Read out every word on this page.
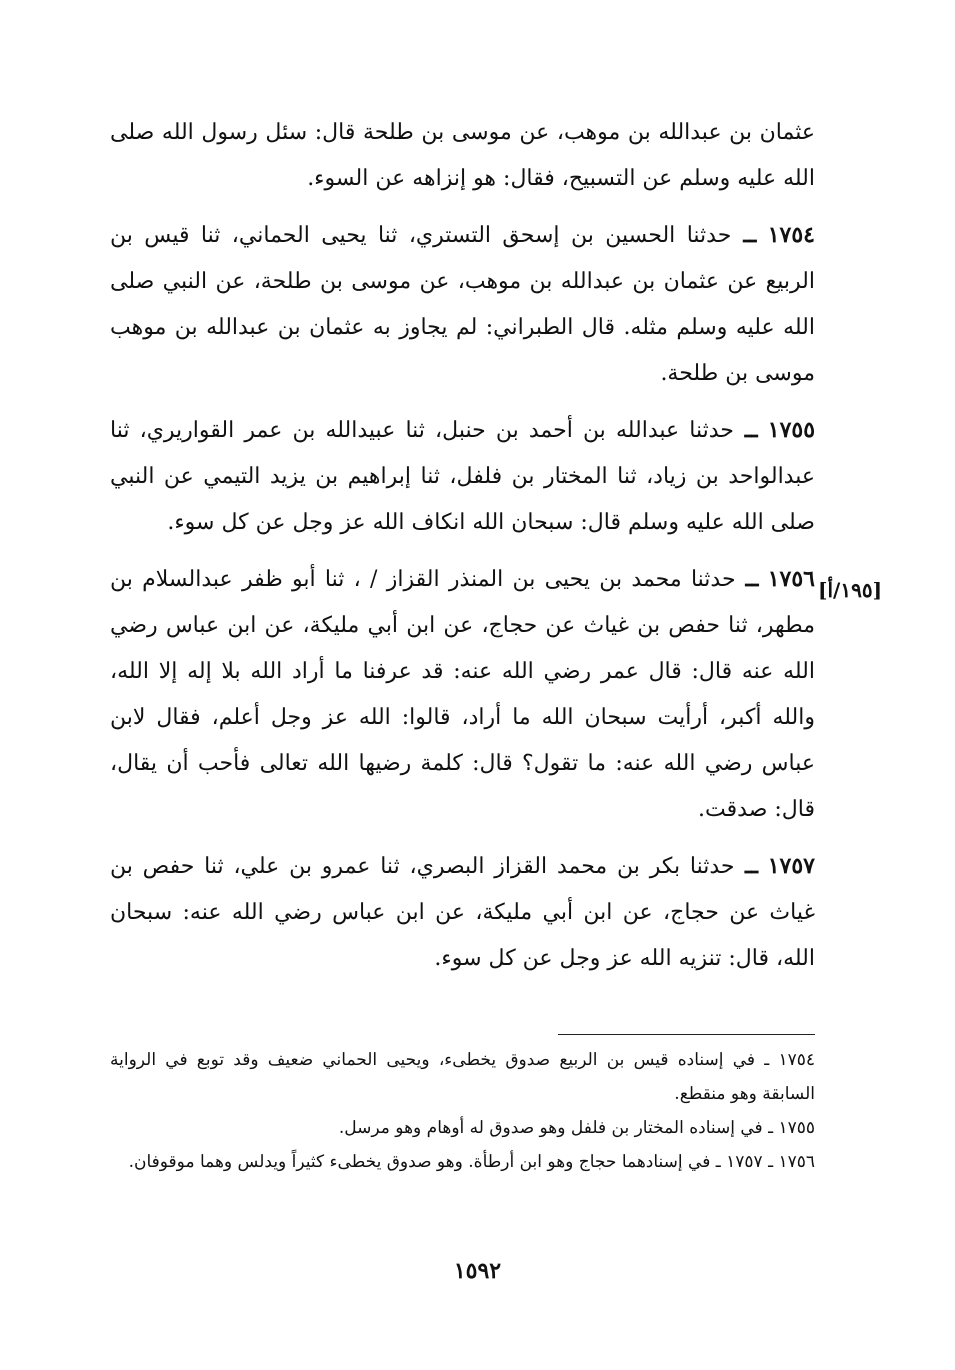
[١٩٥/أ]

عثمان بن عبدالله بن موهب، عن موسى بن طلحة قال: سئل رسول الله صلى الله عليه وسلم عن التسبيح، فقال: هو إنزاهه عن السوء.

١٧٥٤ ــ حدثنا الحسين بن إسحق التستري، ثنا يحيى الحماني، ثنا قيس بن الربيع عن عثمان بن عبدالله بن موهب، عن موسى بن طلحة، عن النبي صلى الله عليه وسلم مثله. قال الطبراني: لم يجاوز به عثمان بن عبدالله بن موهب موسى بن طلحة.

١٧٥٥ ــ حدثنا عبدالله بن أحمد بن حنبل، ثنا عبيدالله بن عمر القواريري، ثنا عبدالواحد بن زياد، ثنا المختار بن فلفل، ثنا إبراهيم بن يزيد التيمي عن النبي صلى الله عليه وسلم قال: سبحان الله انكاف الله عز وجل عن كل سوء.

١٧٥٦ ــ حدثنا محمد بن يحيى بن المنذر القزاز / ، ثنا أبو ظفر عبدالسلام بن مطهر، ثنا حفص بن غياث عن حجاج، عن ابن أبي مليكة، عن ابن عباس رضي الله عنه قال: قال عمر رضي الله عنه: قد عرفنا ما أراد الله بلا إله إلا الله، والله أكبر، أرأيت سبحان الله ما أراد، قالوا: الله عز وجل أعلم، فقال لابن عباس رضي الله عنه: ما تقول؟ قال: كلمة رضيها الله تعالى فأحب أن يقال، قال: صدقت.

١٧٥٧ ــ حدثنا بكر بن محمد القزاز البصري، ثنا عمرو بن علي، ثنا حفص بن غياث عن حجاج، عن ابن أبي مليكة، عن ابن عباس رضي الله عنه: سبحان الله، قال: تنزيه الله عز وجل عن كل سوء.

١٧٥٤ ـ في إسناده قيس بن الربيع صدوق يخطىء، ويحيى الحماني ضعيف وقد توبع في الرواية السابقة وهو منقطع.

١٧٥٥ ـ في إسناده المختار بن فلفل وهو صدوق له أوهام وهو مرسل.

١٧٥٦ ـ ١٧٥٧ ـ في إسنادهما حجاج وهو ابن أرطأة. وهو صدوق يخطىء كثيراً ويدلس وهما موقوفان.

١٥٩٢
